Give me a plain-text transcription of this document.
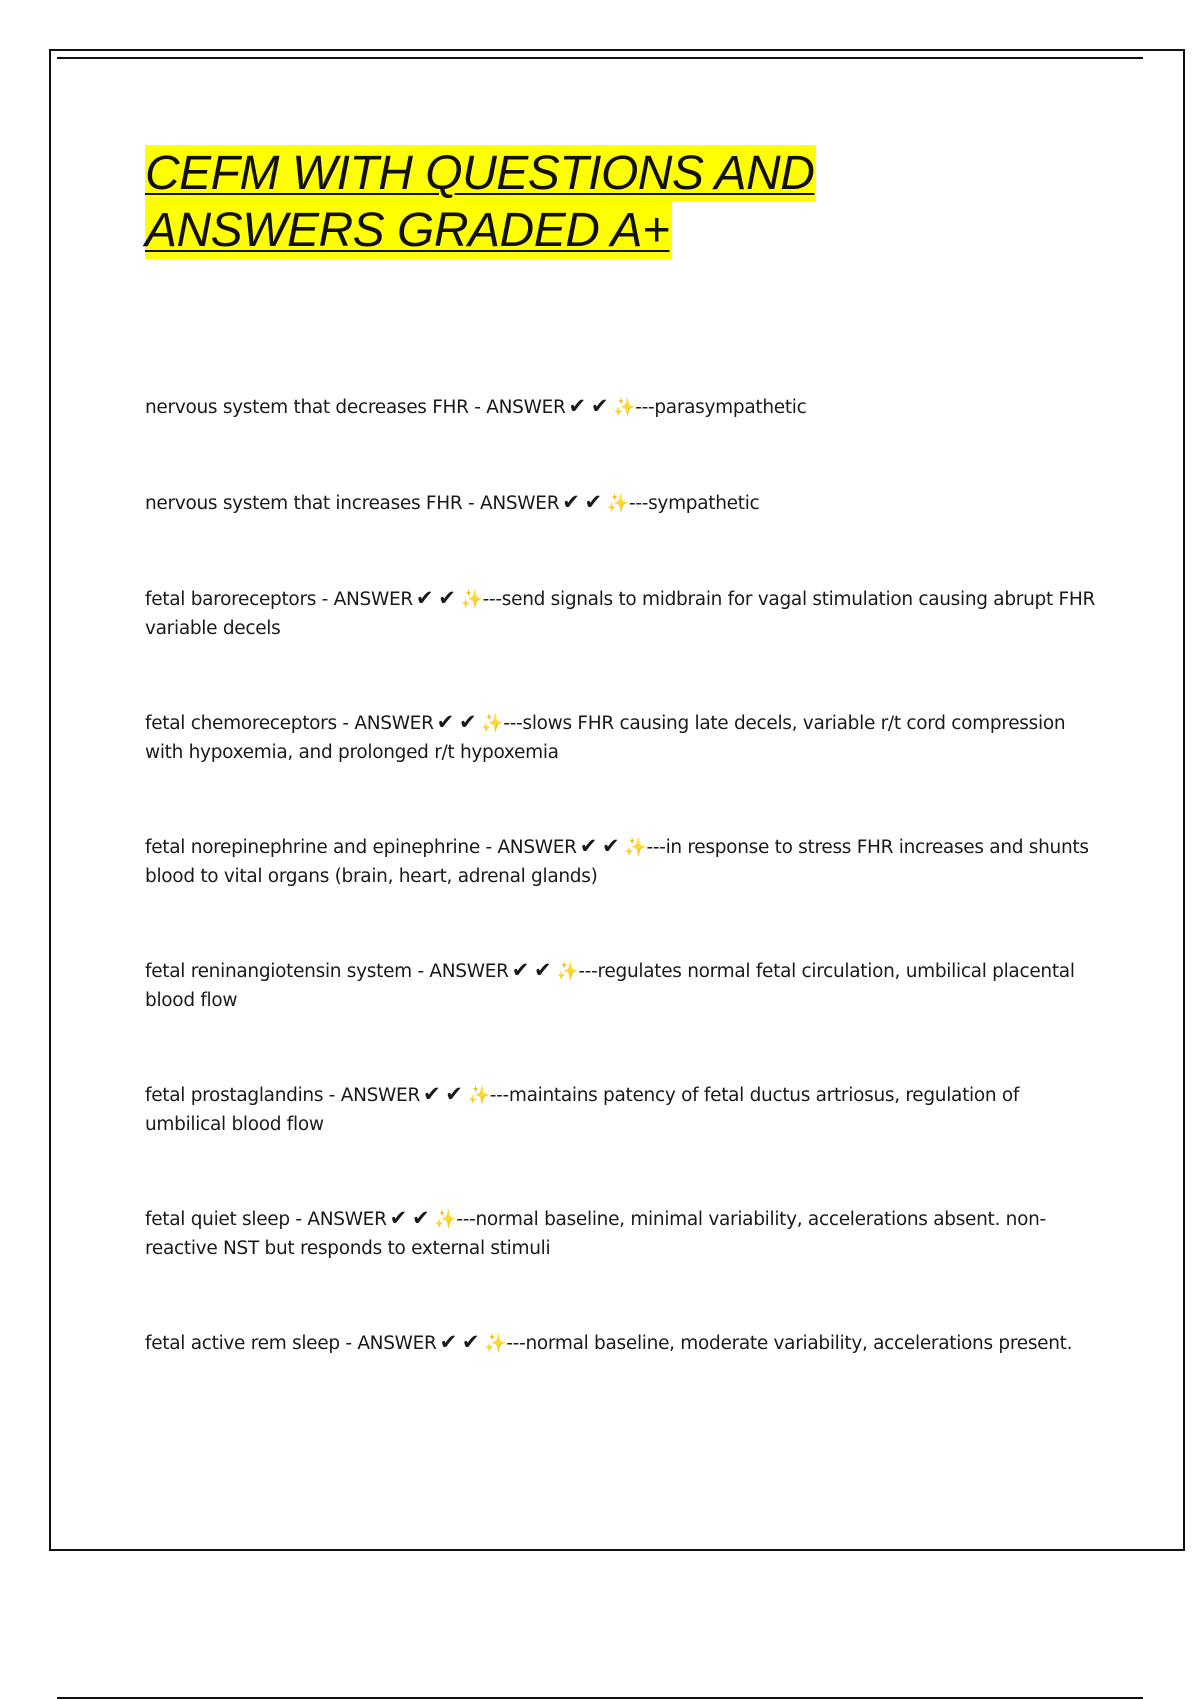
CEFM WITH QUESTIONS AND
ANSWERS GRADED A+
nervous system that decreases FHR - ANSWER ✔ ✔ ✨---parasympathetic
nervous system that increases FHR - ANSWER ✔ ✔ ✨---sympathetic
fetal baroreceptors - ANSWER ✔ ✔ ✨---send signals to midbrain for vagal stimulation causing abrupt FHR variable decels
fetal chemoreceptors - ANSWER ✔ ✔ ✨---slows FHR causing late decels, variable r/t cord compression with hypoxemia, and prolonged r/t hypoxemia
fetal norepinephrine and epinephrine - ANSWER ✔ ✔ ✨---in response to stress FHR increases and shunts blood to vital organs (brain, heart, adrenal glands)
fetal reninangiotensin system - ANSWER ✔ ✔ ✨---regulates normal fetal circulation, umbilical placental blood flow
fetal prostaglandins - ANSWER ✔ ✔ ✨---maintains patency of fetal ductus artriosus, regulation of umbilical blood flow
fetal quiet sleep - ANSWER ✔ ✔ ✨---normal baseline, minimal variability, accelerations absent. non-reactive NST but responds to external stimuli
fetal active rem sleep - ANSWER ✔ ✔ ✨---normal baseline, moderate variability, accelerations present.
